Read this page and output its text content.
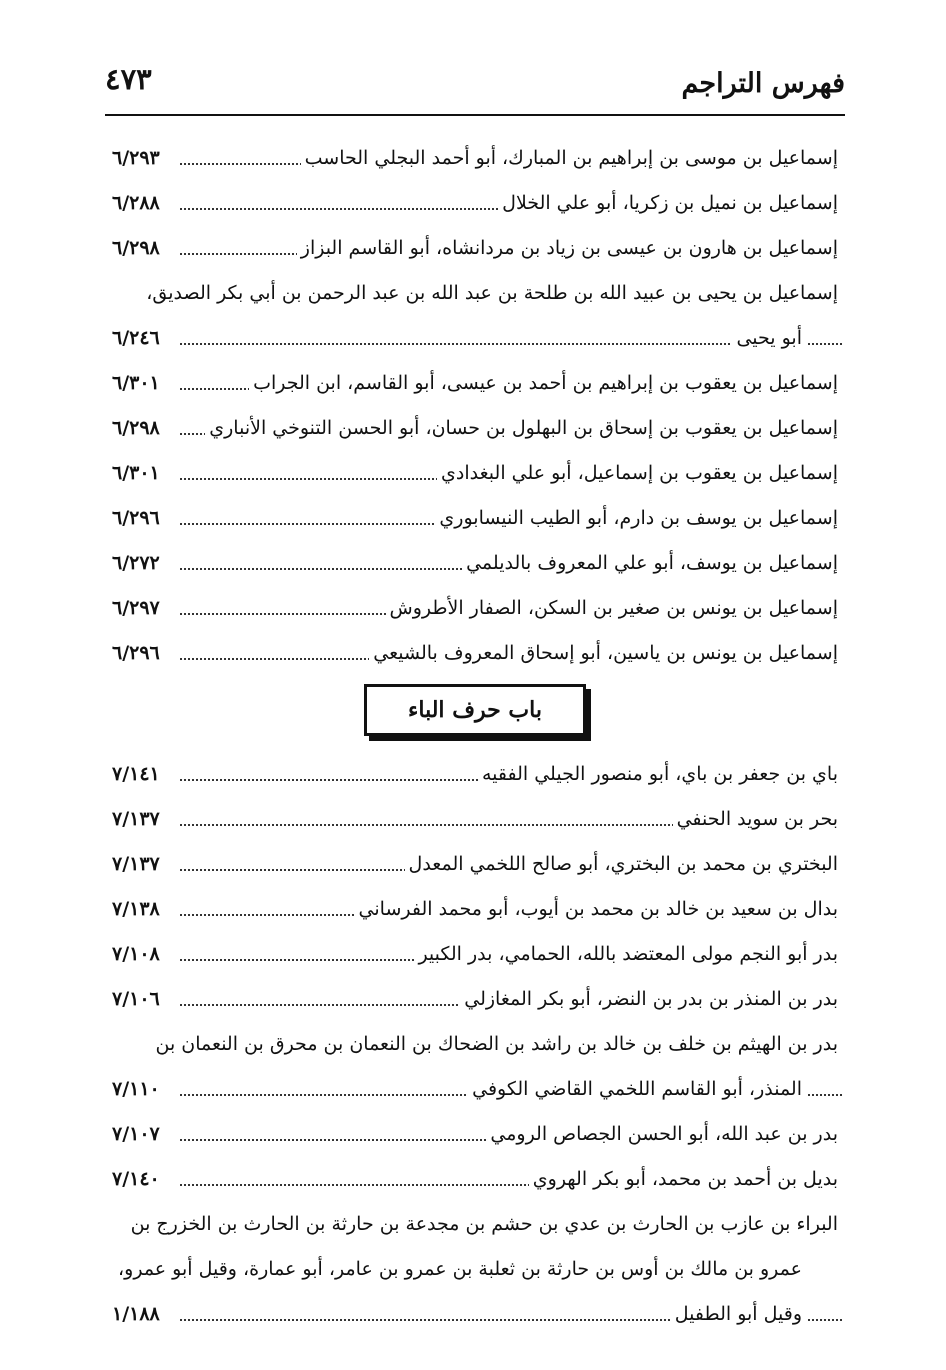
٤٧٣	فهرس التراجم
إسماعيل بن موسى بن إبراهيم بن المبارك، أبو أحمد البجلي الحاسب
٦/٢٩٣
إسماعيل بن نميل بن زكريا، أبو علي الخلال
٦/٢٨٨
إسماعيل بن هارون بن عيسى بن زياد بن مردانشاه، أبو القاسم البزاز
٦/٢٩٨
إسماعيل بن يحيى بن عبيد الله بن طلحة بن عبد الله بن عبد الرحمن بن أبي بكر الصديق،
أبو يحيى
٦/٢٤٦
إسماعيل بن يعقوب بن إبراهيم بن أحمد بن عيسى، أبو القاسم، ابن الجراب
٦/٣٠١
إسماعيل بن يعقوب بن إسحاق بن البهلول بن حسان، أبو الحسن التنوخي الأنباري
٦/٢٩٨
إسماعيل بن يعقوب بن إسماعيل، أبو علي البغدادي
٦/٣٠١
إسماعيل بن يوسف بن دارم، أبو الطيب النيسابوري
٦/٢٩٦
إسماعيل بن يوسف، أبو علي المعروف بالديلمي
٦/٢٧٢
إسماعيل بن يونس بن صغير بن السكن، الصفار الأطروش
٦/٢٩٧
إسماعيل بن يونس بن ياسين، أبو إسحاق المعروف بالشيعي
٦/٢٩٦
باب حرف الباء
باي بن جعفر بن باي، أبو منصور الجيلي الفقيه
٧/١٤١
بحر بن سويد الحنفي
٧/١٣٧
البختري بن محمد بن البختري، أبو صالح اللخمي المعدل
٧/١٣٧
بدال بن سعيد بن خالد بن محمد بن أيوب، أبو محمد الفرساني
٧/١٣٨
بدر أبو النجم مولى المعتضد بالله، الحمامي، بدر الكبير
٧/١٠٨
بدر بن المنذر بن بدر بن النضر، أبو بكر المغازلي
٧/١٠٦
بدر بن الهيثم بن خلف بن خالد بن راشد بن الضحاك بن النعمان بن محرق بن النعمان بن
المنذر، أبو القاسم اللخمي القاضي الكوفي
٧/١١٠
بدر بن عبد الله، أبو الحسن الجصاص الرومي
٧/١٠٧
بديل بن أحمد بن محمد، أبو بكر الهروي
٧/١٤٠
البراء بن عازب بن الحارث بن عدي بن حشم بن مجدعة بن حارثة بن الحارث بن الخزرج بن
عمرو بن مالك بن أوس بن حارثة بن ثعلبة بن عمرو بن عامر، أبو عمارة، وقيل أبو عمرو،
وقيل أبو الطفيل
١/١٨٨
